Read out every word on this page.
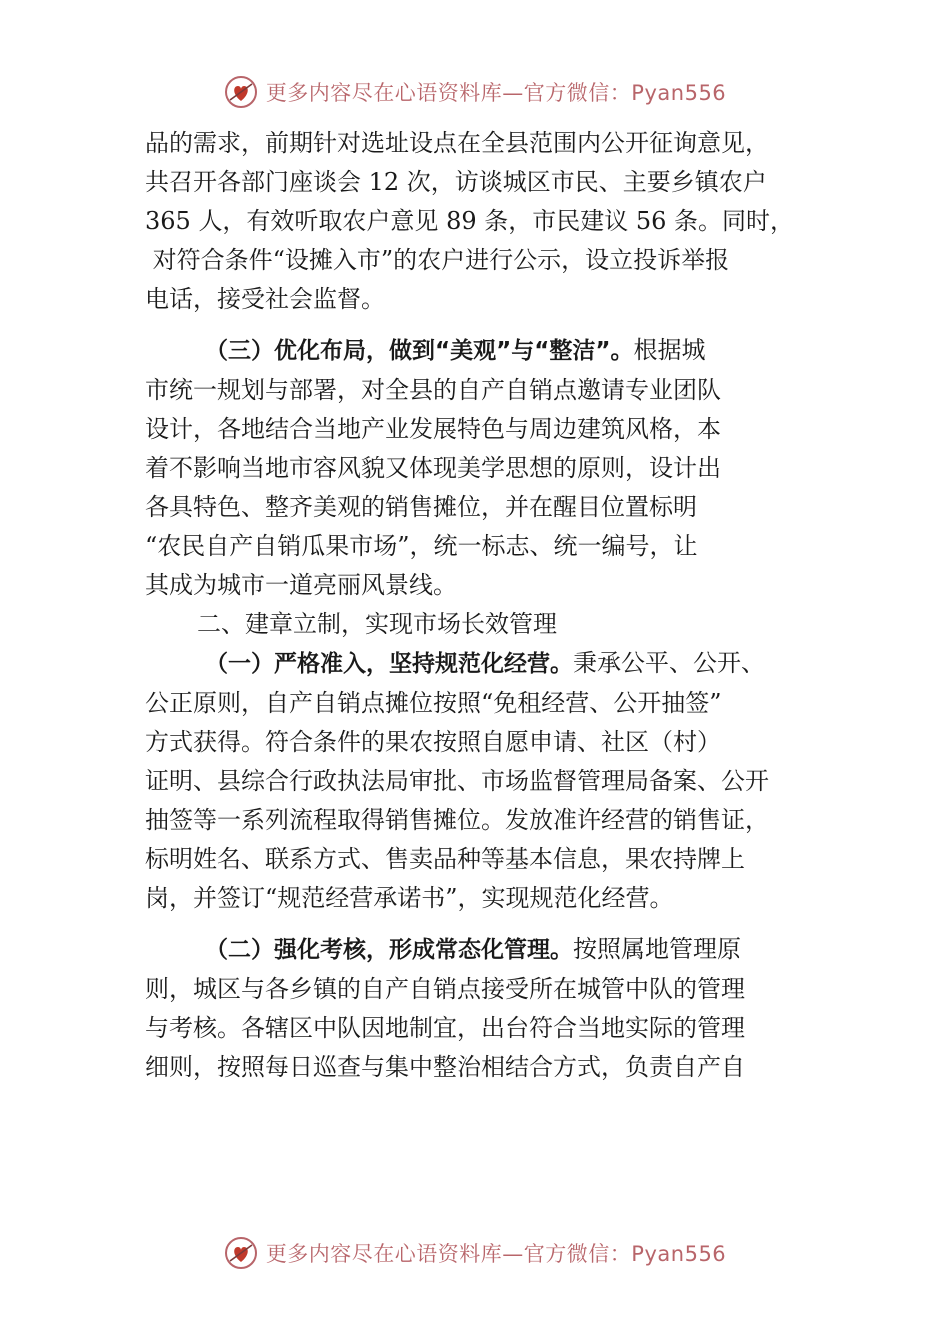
更多内容尽在心语资料库—官方微信：Pyan556

品的需求，前期针对选址设点在全县范围内公开征询意见，
共召开各部门座谈会 12 次，访谈城区市民、主要乡镇农户
365 人，有效听取农户意见 89 条，市民建议 56 条。同时，
对符合条件“设摊入市”的农户进行公示，设立投诉举报
电话，接受社会监督。

（三）优化布局，做到“美观”与“整洁”。根据城
市统一规划与部署，对全县的自产自销点邀请专业团队
设计，各地结合当地产业发展特色与周边建筑风格，本
着不影响当地市容风貌又体现美学思想的原则，设计出
各具特色、整齐美观的销售摊位，并在醒目位置标明
“农民自产自销瓜果市场”，统一标志、统一编号，让
其成为城市一道亮丽风景线。

二、建章立制，实现市场长效管理

（一）严格准入，坚持规范化经营。秉承公平、公开、
公正原则，自产自销点摊位按照“免租经营、公开抽签”
方式获得。符合条件的果农按照自愿申请、社区（村）
证明、县综合行政执法局审批、市场监督管理局备案、公开
抽签等一系列流程取得销售摊位。发放准许经营的销售证，
标明姓名、联系方式、售卖品种等基本信息，果农持牌上
岗，并签订“规范经营承诺书”，实现规范化经营。

（二）强化考核，形成常态化管理。按照属地管理原
则，城区与各乡镇的自产自销点接受所在城管中队的管理
与考核。各辖区中队因地制宜，出台符合当地实际的管理
细则，按照每日巡查与集中整治相结合方式，负责自产自

更多内容尽在心语资料库—官方微信：Pyan556
